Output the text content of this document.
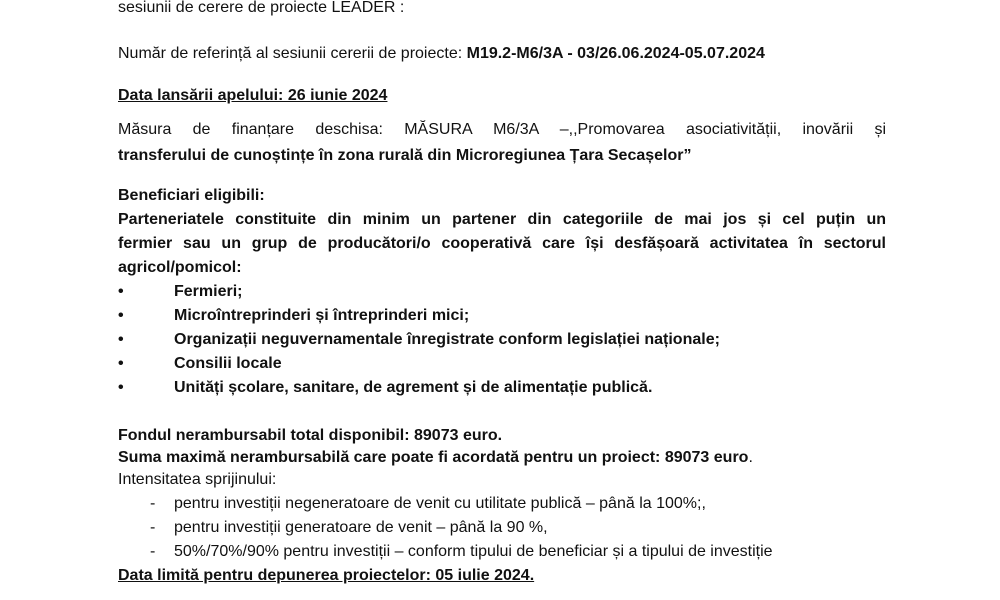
sesiunii de cerere de proiecte LEADER :
Număr de referință al sesiunii cererii de proiecte: M19.2-M6/3A - 03/26.06.2024-05.07.2024
Data lansării apelului: 26 iunie 2024
Măsura de finanțare deschisa: MĂSURA M6/3A –,,Promovarea asociativității, inovării și
transferului de cunoștințe în zona rurală din Microregiunea Țara Secașelor”
Beneficiari eligibili:
Parteneriatele constituite din minim un partener din categoriile de mai jos și cel puțin un
fermier sau un grup de producători/o cooperativă care își desfășoară activitatea în sectorul
agricol/pomicol:
•	Fermieri;
•	Microîntreprinderi și întreprinderi mici;
•	Organizații neguvernamentale înregistrate conform legislației naționale;
•	Consilii locale
•	Unități școlare, sanitare, de agrement și de alimentație publică.
Fondul nerambursabil total disponibil: 89073 euro.
Suma maximă nerambursabilă care poate fi acordată pentru un proiect: 89073 euro.
Intensitatea sprijinului:
- pentru investiții negeneratoare de venit cu utilitate publică – până la 100%;,
- pentru investiții generatoare de venit – până la 90 %,
- 50%/70%/90% pentru investiții – conform tipului de beneficiar și a tipului de investiție
Data limită pentru depunerea proiectelor: 05 iulie 2024.
